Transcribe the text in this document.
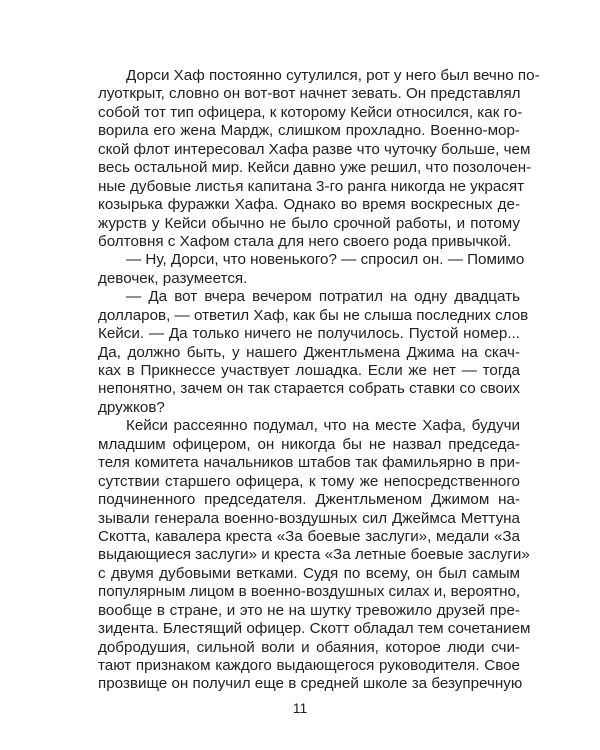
Дорси Хаф постоянно сутулился, рот у него был вечно по-
луоткрыт, словно он вот-вот начнет зевать. Он представлял
собой тот тип офицера, к которому Кейси относился, как го-
ворила его жена Мардж, слишком прохладно. Военно-мор-
ской флот интересовал Хафа разве что чуточку больше, чем
весь остальной мир. Кейси давно уже решил, что позолочен-
ные дубовые листья капитана 3-го ранга никогда не украсят
козырька фуражки Хафа. Однако во время воскресных де-
журств у Кейси обычно не было срочной работы, и потому
болтовня с Хафом стала для него своего рода привычкой.
— Ну, Дорси, что новенького? — спросил он. — Помимо
девочек, разумеется.
— Да вот вчера вечером потратил на одну двадцать
долларов, — ответил Хаф, как бы не слыша последних слов
Кейси. — Да только ничего не получилось. Пустой номер...
Да, должно быть, у нашего Джентльмена Джима на скач-
ках в Прикнессе участвует лошадка. Если же нет — тогда
непонятно, зачем он так старается собрать ставки со своих
дружков?
Кейси рассеянно подумал, что на месте Хафа, будучи
младшим офицером, он никогда бы не назвал председа-
теля комитета начальников штабов так фамильярно в при-
сутствии старшего офицера, к тому же непосредственного
подчиненного председателя. Джентльменом Джимом на-
зывали генерала военно-воздушных сил Джеймса Меттуна
Скотта, кавалера креста «За боевые заслуги», медали «За
выдающиеся заслуги» и креста «За летные боевые заслуги»
с двумя дубовыми ветками. Судя по всему, он был самым
популярным лицом в военно-воздушных силах и, вероятно,
вообще в стране, и это не на шутку тревожило друзей пре-
зидента. Блестящий офицер. Скотт обладал тем сочетанием
добродушия, сильной воли и обаяния, которое люди счи-
тают признаком каждого выдающегося руководителя. Свое
прозвище он получил еще в средней школе за безупречную
11
